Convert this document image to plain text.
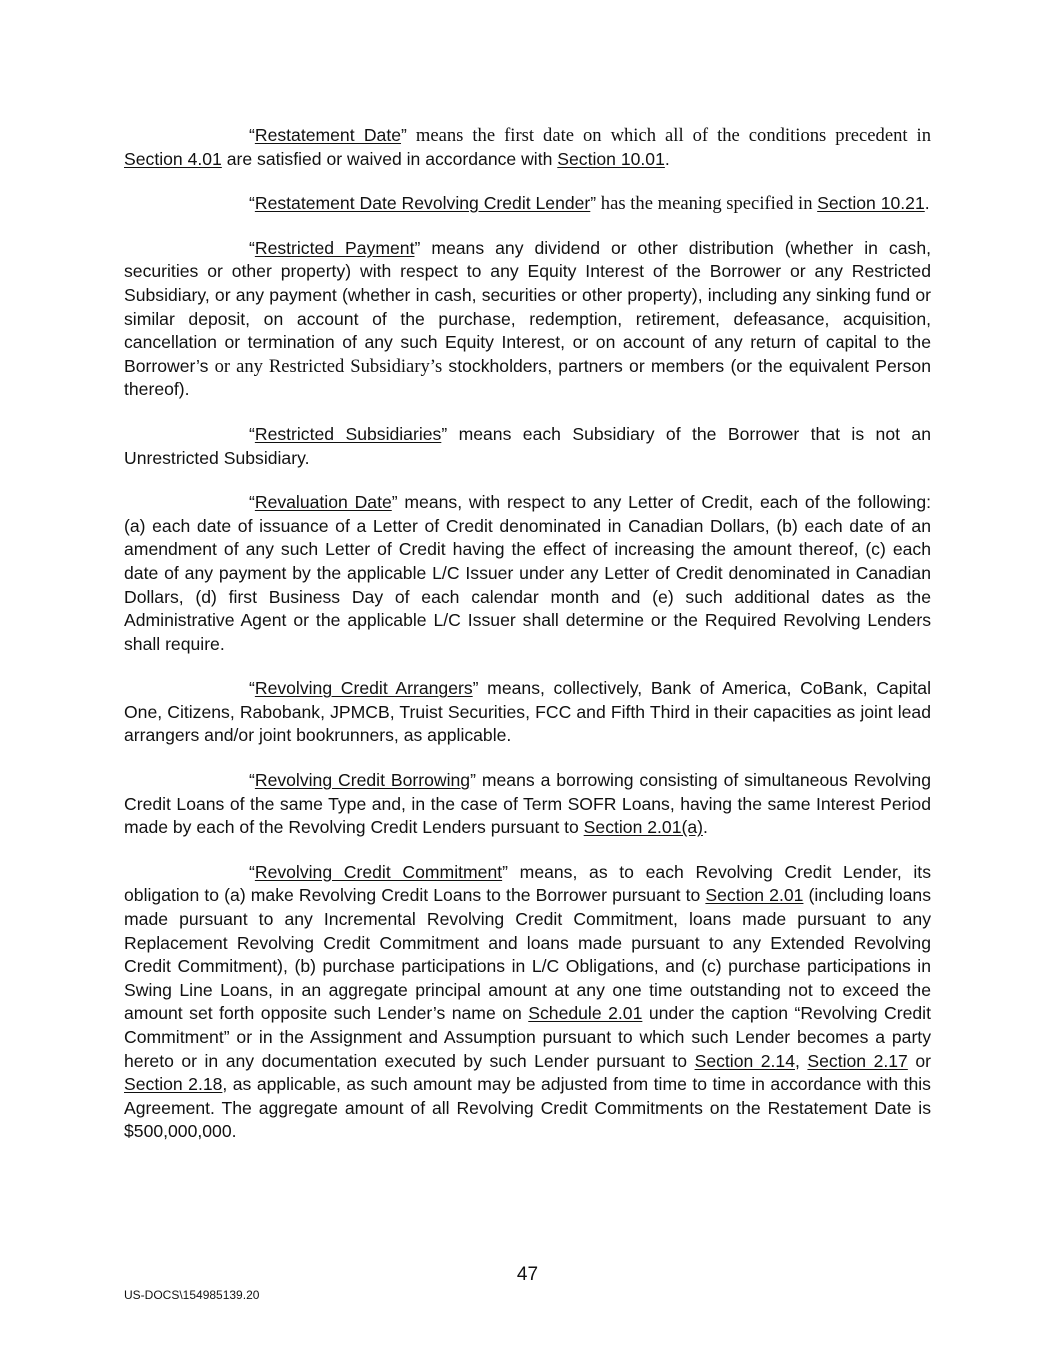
“Restatement Date” means the first date on which all of the conditions precedent in Section 4.01 are satisfied or waived in accordance with Section 10.01.

“Restatement Date Revolving Credit Lender” has the meaning specified in Section 10.21.

“Restricted Payment” means any dividend or other distribution (whether in cash, securities or other property) with respect to any Equity Interest of the Borrower or any Restricted Subsidiary, or any payment (whether in cash, securities or other property), including any sinking fund or similar deposit, on account of the purchase, redemption, retirement, defeasance, acquisition, cancellation or termination of any such Equity Interest, or on account of any return of capital to the Borrower’s or any Restricted Subsidiary’s stockholders, partners or members (or the equivalent Person thereof).

“Restricted Subsidiaries” means each Subsidiary of the Borrower that is not an Unrestricted Subsidiary.

“Revaluation Date” means, with respect to any Letter of Credit, each of the following: (a) each date of issuance of a Letter of Credit denominated in Canadian Dollars, (b) each date of an amendment of any such Letter of Credit having the effect of increasing the amount thereof, (c) each date of any payment by the applicable L/C Issuer under any Letter of Credit denominated in Canadian Dollars, (d) first Business Day of each calendar month and (e) such additional dates as the Administrative Agent or the applicable L/C Issuer shall determine or the Required Revolving Lenders shall require.

“Revolving Credit Arrangers” means, collectively, Bank of America, CoBank, Capital One, Citizens, Rabobank, JPMCB, Truist Securities, FCC and Fifth Third in their capacities as joint lead arrangers and/or joint bookrunners, as applicable.

“Revolving Credit Borrowing” means a borrowing consisting of simultaneous Revolving Credit Loans of the same Type and, in the case of Term SOFR Loans, having the same Interest Period made by each of the Revolving Credit Lenders pursuant to Section 2.01(a).

“Revolving Credit Commitment” means, as to each Revolving Credit Lender, its obligation to (a) make Revolving Credit Loans to the Borrower pursuant to Section 2.01 (including loans made pursuant to any Incremental Revolving Credit Commitment, loans made pursuant to any Replacement Revolving Credit Commitment and loans made pursuant to any Extended Revolving Credit Commitment), (b) purchase participations in L/C Obligations, and (c) purchase participations in Swing Line Loans, in an aggregate principal amount at any one time outstanding not to exceed the amount set forth opposite such Lender’s name on Schedule 2.01 under the caption “Revolving Credit Commitment” or in the Assignment and Assumption pursuant to which such Lender becomes a party hereto or in any documentation executed by such Lender pursuant to Section 2.14, Section 2.17 or Section 2.18, as applicable, as such amount may be adjusted from time to time in accordance with this Agreement. The aggregate amount of all Revolving Credit Commitments on the Restatement Date is $500,000,000.

47
US-DOCS\154985139.20
